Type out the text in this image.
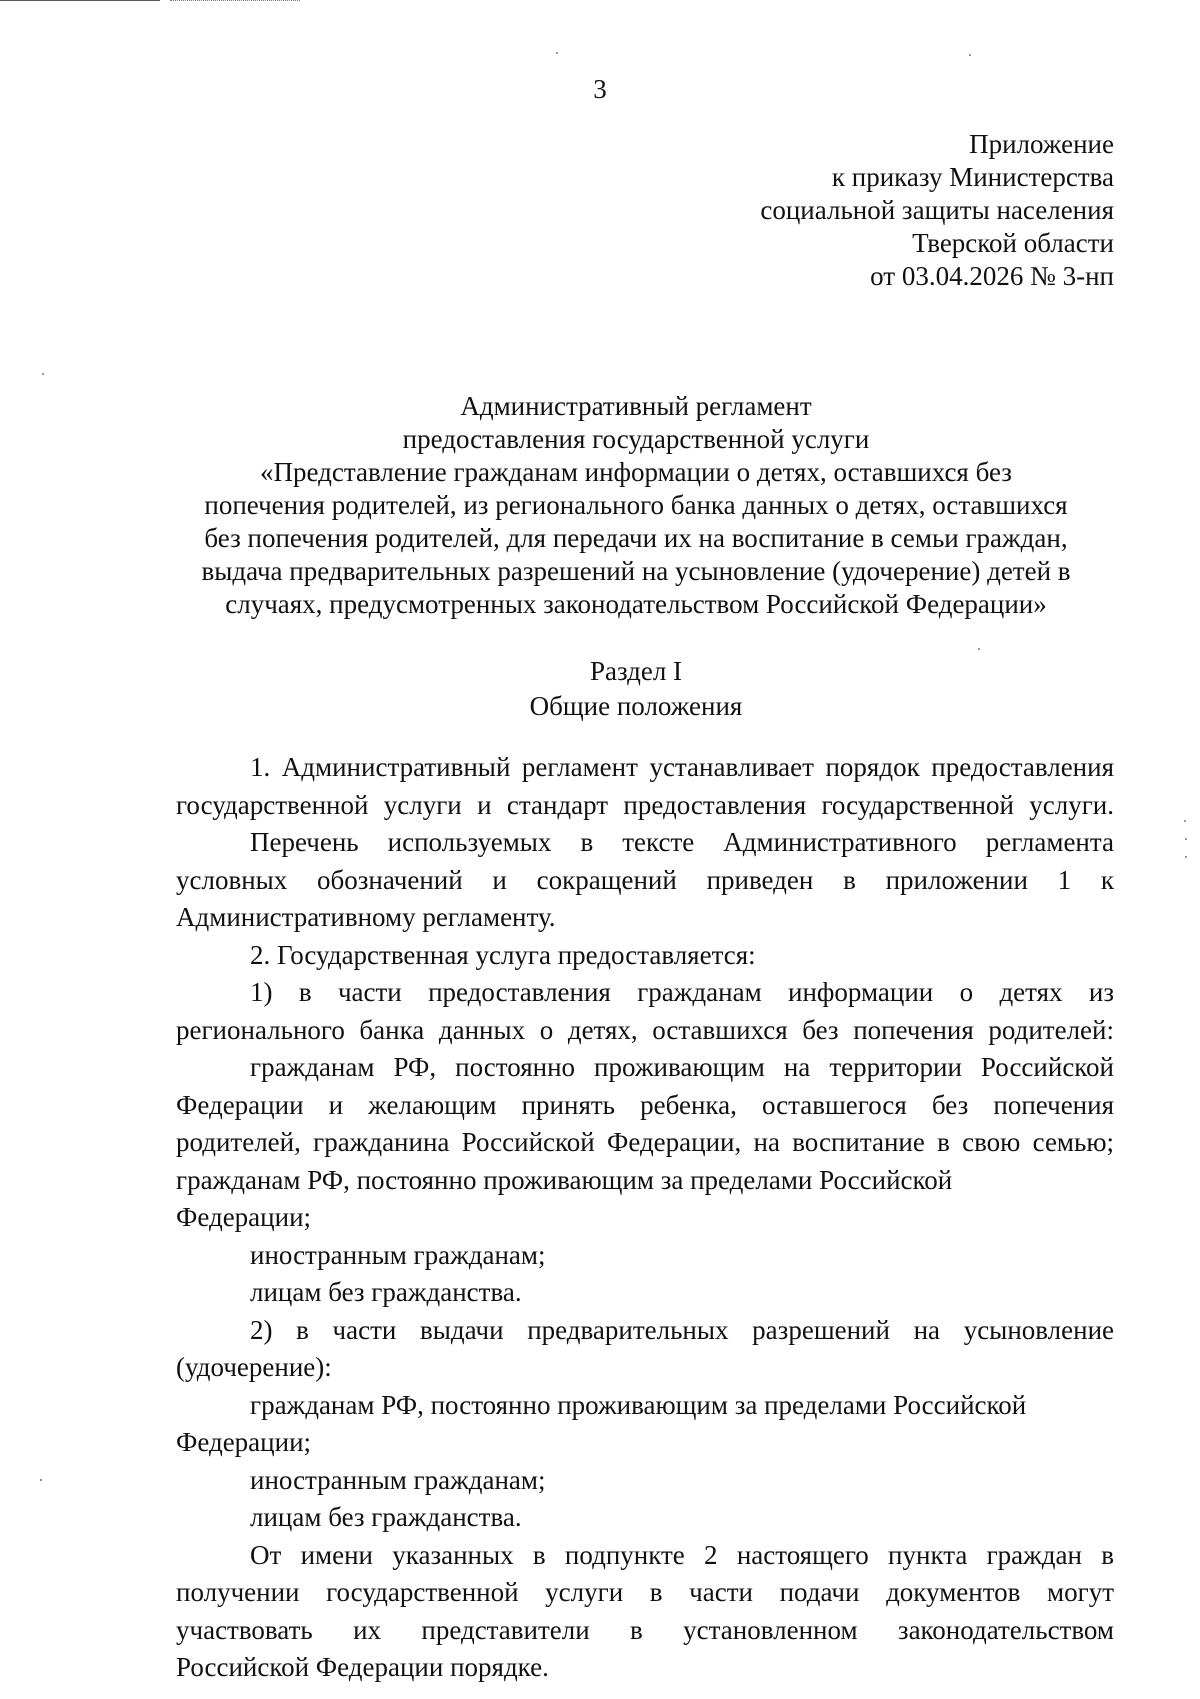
3
Приложение
к приказу Министерства
социальной защиты населения
Тверской области
от 03.04.2026 № 3-нп
Административный регламент
предоставления государственной услуги
«Представление гражданам информации о детях, оставшихся без
попечения родителей, из регионального банка данных о детях, оставшихся
без попечения родителей, для передачи их на воспитание в семьи граждан,
выдача предварительных разрешений на усыновление (удочерение) детей в
случаях, предусмотренных законодательством Российской Федерации»
Раздел I
Общие положения
1. Административный регламент устанавливает порядок предоставления
государственной услуги и стандарт предоставления государственной услуги.
Перечень используемых в тексте Административного регламента
условных обозначений и сокращений приведен в приложении 1 к
Административному регламенту.
2. Государственная услуга предоставляется:
1) в части предоставления гражданам информации о детях из
регионального банка данных о детях, оставшихся без попечения родителей:
гражданам РФ, постоянно проживающим на территории Российской
Федерации и желающим принять ребенка, оставшегося без попечения
родителей, гражданина Российской Федерации, на воспитание в свою семью;
гражданам РФ, постоянно проживающим за пределами Российской
Федерации;
иностранным гражданам;
лицам без гражданства.
2) в части выдачи предварительных разрешений на усыновление
(удочерение):
гражданам РФ, постоянно проживающим за пределами Российской
Федерации;
иностранным гражданам;
лицам без гражданства.
От имени указанных в подпункте 2 настоящего пункта граждан в
получении государственной услуги в части подачи документов могут
участвовать их представители в установленном законодательством
Российской Федерации порядке.
